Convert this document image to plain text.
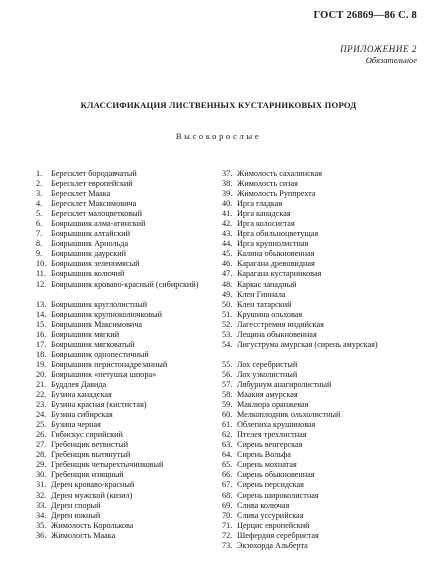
ГОСТ 26869—86 С. 8
ПРИЛОЖЕНИЕ 2
Обязательное
КЛАССИФИКАЦИЯ ЛИСТВЕННЫХ КУСТАРНИКОВЫХ ПОРОД
Высокорослые
1.	Бересклет бородавчатый
2.	Бересклет европейский
3.	Бересклет Маака
4.	Бересклет Максимовича
5.	Бересклет малоцветковый
6.	Боярышник алма-атинский
7.	Боярышник алтайский
8.	Боярышник Арнольда
9.	Боярышник даурский
10. Боярышник зеленомясый
11. Боярышник колючий
12. Боярышник кроваво-красный (сибирский)
13. Боярышник круглолистный
14. Боярышник крупноколючковый
15. Боярышник Максимовича
16. Боярышник мягкий
17. Боярышник мягковатый
18. Боярышник однопестичный
19. Боярышник перистонадрезанный
20. Боярышник «петушья шпора»
21. Буддлея Давида
22. Бузина канадская
23. Бузина красная (кистистая)
24. Бузина сибирская
25. Бузина черная
26. Гибискус сирийский
27. Гребенщик ветвистый
28. Гребенщик вытянутый
29. Гребенщик четырехтычинковый
30. Гребенщик изящный
31. Дерен кроваво-красный
32. Дерен мужской (кизил)
33. Дерен спорый
34. Дерен южный
35. Жимолость Королькова
36. Жимолость Маака
37. Жимолость сахалинская
38. Жимолость сизая
39. Жимолость Руппрехта
40. Ирга гладкая
41. Ирга канадская
42. Ирга колосистая
43. Ирга обильноцветущая
44. Ирга крупнолистная
45. Калина обыкновенная
46. Карагана древовидная
47. Карагана кустарниковая
48. Каркас западный
49. Клен Гиннала
50. Клен татарский
51. Крушина ольховая
52. Лагесстремия индийская
53. Лещина обыкновенная
54. Лигуструма амурская (сирень амурская)
55. Лох серебристый
56. Лох узколистный
57. Лябурнум анагиролистный
58. Маакия амурская
59. Маклюра оранжевая
60. Мелкоплодник ольхолистный
61. Облепиха крушиновая
62. Птелея трехлистная
63. Сирень венгерская
64. Сирень Вольфа
65. Сирень мохнатая
66. Сирень обыкновенная
67. Сирень персидская
68. Сирень широколистная
69. Слива колючая
70. Слива уссурийская
71. Церцис европейский
72. Шефердия серебристая
73. Экзохорда Альберта
